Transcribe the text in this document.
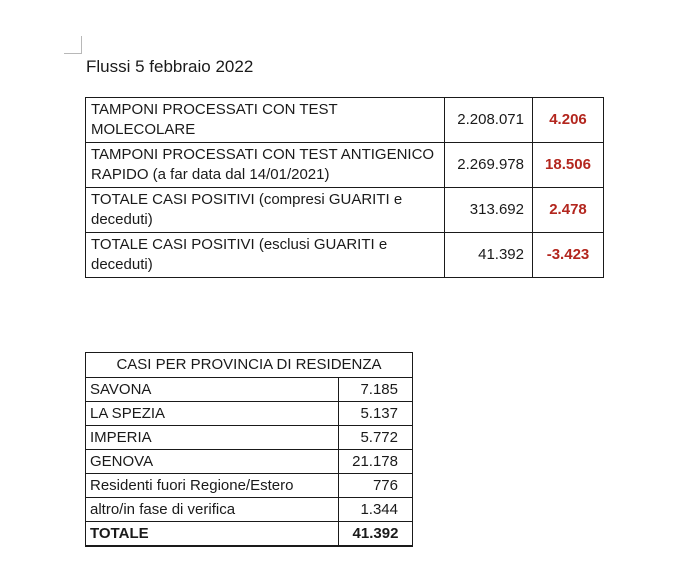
Flussi 5 febbraio 2022
TAMPONI PROCESSATI CON TEST MOLECOLARE	2.208.071	4.206
TAMPONI PROCESSATI CON TEST ANTIGENICO RAPIDO (a far data dal 14/01/2021)	2.269.978	18.506
TOTALE CASI POSITIVI (compresi GUARITI e deceduti)	313.692	2.478
TOTALE CASI POSITIVI (esclusi GUARITI e deceduti)	41.392	-3.423
CASI PER PROVINCIA DI RESIDENZA	
SAVONA	7.185
LA SPEZIA	5.137
IMPERIA	5.772
GENOVA	21.178
Residenti fuori Regione/Estero	776
altro/in fase di verifica	1.344
TOTALE	41.392
